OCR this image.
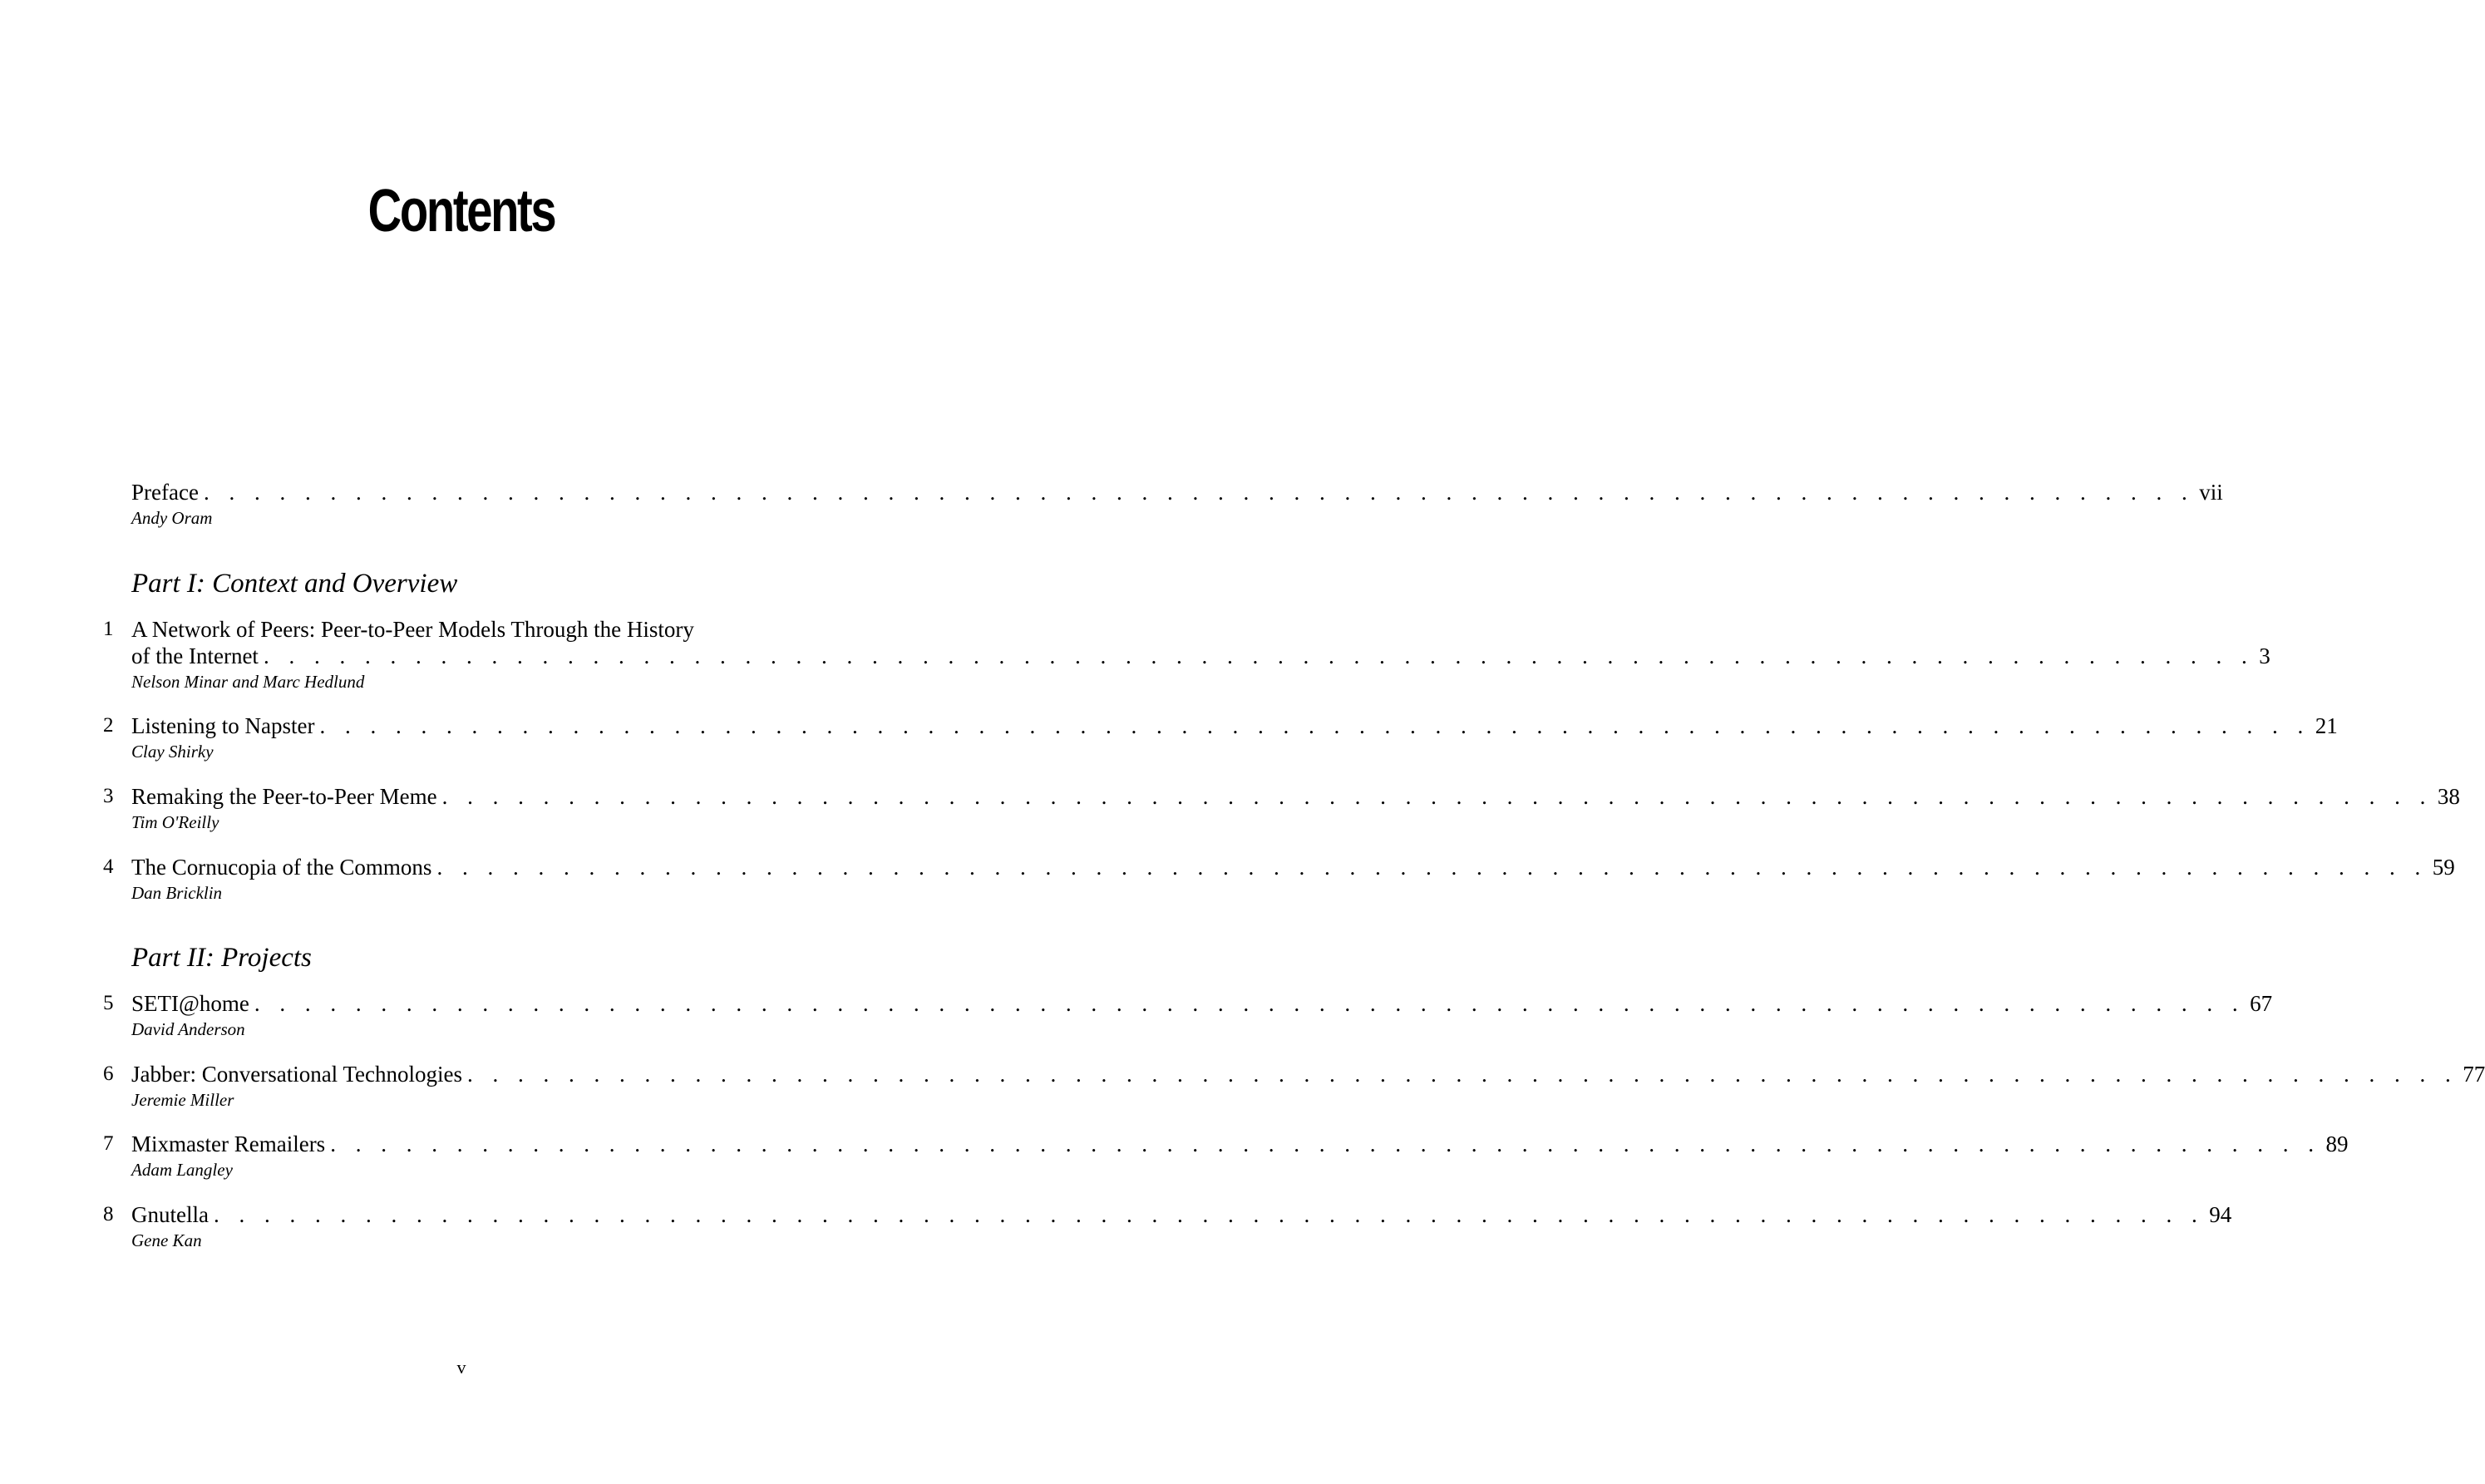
Contents
Preface . . . . . . . . . . . . . . . . . . . . . . . . . . . . . . . . . . . . . . . . . . . . . . . . . . . . . . . . . . . . . . . . . . . . . . . . . . . . . . . vii
Andy Oram
Part I: Context and Overview
1 A Network of Peers: Peer-to-Peer Models Through the History
of the Internet . . . . . . . . . . . . . . . . . . . . . . . . . . . . . . . . . . . . . . . . . . . . . . . . . . . . . . . . . . . . . . . . . . . . . . . . . . . . . . . 3
Nelson Minar and Marc Hedlund
2 Listening to Napster . . . . . . . . . . . . . . . . . . . . . . . . . . . . . . . . . . . . . . . . . . . . . . . . . . . . . . . . . . . . . . . . . . . . . . . . . . . . . . . 21
Clay Shirky
3 Remaking the Peer-to-Peer Meme . . . . . . . . . . . . . . . . . . . . . . . . . . . . . . . . . . . . . . . . . . . . . . . . . . . . . . . . . . . . . . . . . . . . . . . . . . . . . . . 38
Tim O'Reilly
4 The Cornucopia of the Commons . . . . . . . . . . . . . . . . . . . . . . . . . . . . . . . . . . . . . . . . . . . . . . . . . . . . . . . . . . . . . . . . . . . . . . . . . . . . . . . 59
Dan Bricklin
Part II: Projects
5 SETI@home . . . . . . . . . . . . . . . . . . . . . . . . . . . . . . . . . . . . . . . . . . . . . . . . . . . . . . . . . . . . . . . . . . . . . . . . . . . . . . . 67
David Anderson
6 Jabber: Conversational Technologies . . . . . . . . . . . . . . . . . . . . . . . . . . . . . . . . . . . . . . . . . . . . . . . . . . . . . . . . . . . . . . . . . . . . . . . . . . . . . . . 77
Jeremie Miller
7 Mixmaster Remailers . . . . . . . . . . . . . . . . . . . . . . . . . . . . . . . . . . . . . . . . . . . . . . . . . . . . . . . . . . . . . . . . . . . . . . . . . . . . . . . 89
Adam Langley
8 Gnutella . . . . . . . . . . . . . . . . . . . . . . . . . . . . . . . . . . . . . . . . . . . . . . . . . . . . . . . . . . . . . . . . . . . . . . . . . . . . . . . 94
Gene Kan
v
